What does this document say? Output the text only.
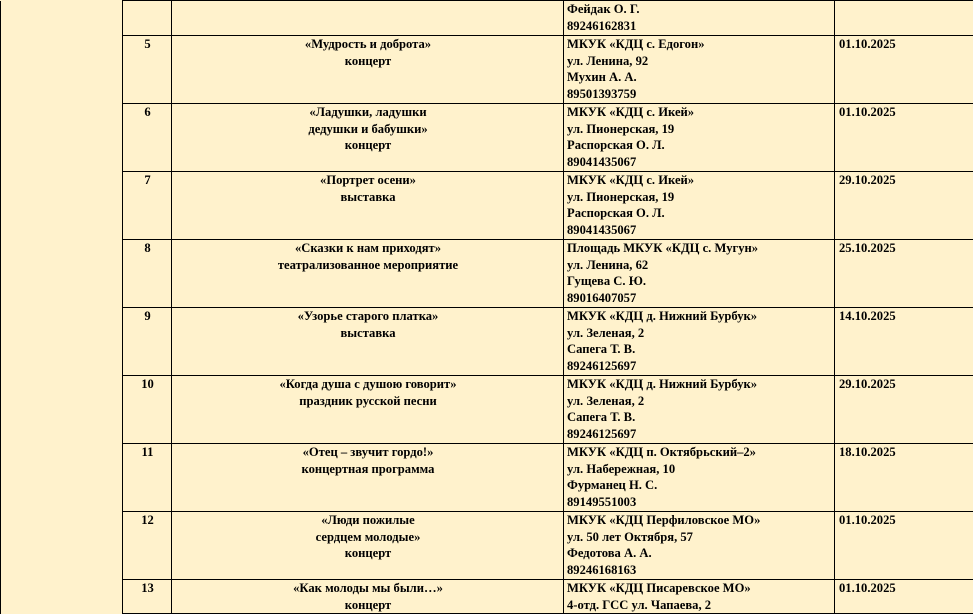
			Фейдак О. Г.
89246162831	

	5	«Мудрость и доброта»
концерт	МКУК «КДЦ с. Едогон»
ул. Ленина, 92
Мухин А. А.
89501393759	01.10.2025
	6	«Ладушки, ладушки
дедушки и бабушки»
концерт	МКУК «КДЦ с. Икей»
ул. Пионерская, 19
Распорская О. Л.
89041435067	01.10.2025
	7	«Портрет осени»
выставка	МКУК «КДЦ с. Икей»
ул. Пионерская, 19
Распорская О. Л.
89041435067	29.10.2025
	8	«Сказки к нам приходят»
театрализованное мероприятие	Площадь МКУК «КДЦ с. Мугун»
ул. Ленина, 62
Гущева С. Ю.
89016407057	25.10.2025
	9	«Узорье старого платка»
выставка	МКУК «КДЦ д. Нижний Бурбук»
ул. Зеленая, 2
Сапега Т. В.
89246125697	14.10.2025
	10	«Когда душа с душою говорит»
праздник русской песни	МКУК «КДЦ д. Нижний Бурбук»
ул. Зеленая, 2
Сапега Т. В.
89246125697	29.10.2025
	11	«Отец – звучит гордо!»
концертная программа	МКУК «КДЦ п. Октябрьский–2»
ул. Набережная, 10
Фурманец Н. С.
89149551003	18.10.2025
	12	«Люди пожилые
сердцем молодые»
концерт	МКУК «КДЦ Перфиловское МО»
ул. 50 лет Октября, 57
Федотова А. А.
89246168163	01.10.2025
	13	«Как молоды мы были…»
концерт	МКУК «КДЦ Писаревское МО»
4-отд. ГСС ул. Чапаева, 2	01.10.2025
